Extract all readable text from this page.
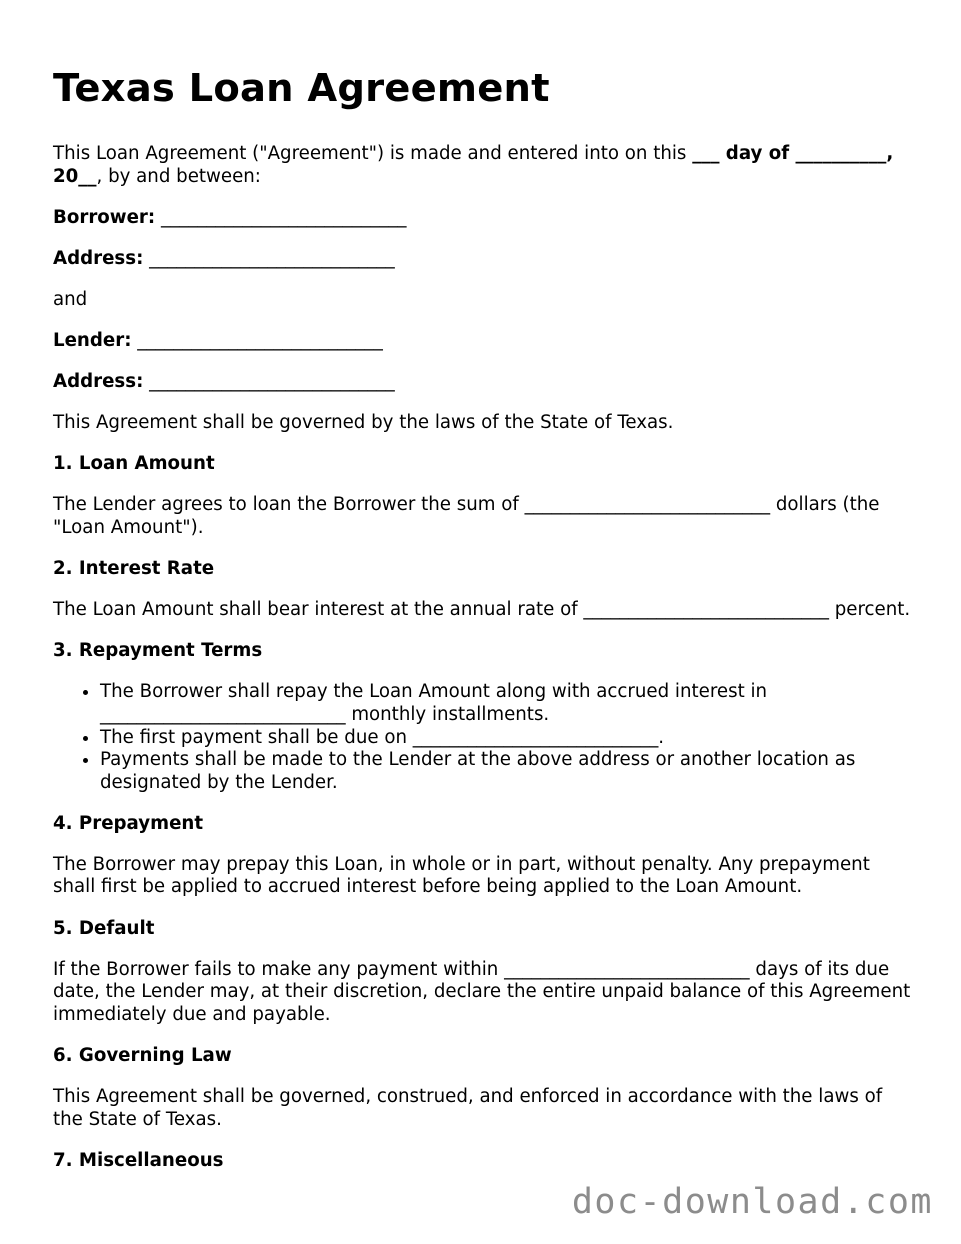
Texas Loan Agreement

This Loan Agreement ("Agreement") is made and entered into on this ___ day of __________, 20__, by and between:

Borrower: ___________________________

Address: ___________________________

and

Lender: ___________________________

Address: ___________________________

This Agreement shall be governed by the laws of the State of Texas.

1. Loan Amount

The Lender agrees to loan the Borrower the sum of ___________________________ dollars (the "Loan Amount").

2. Interest Rate

The Loan Amount shall bear interest at the annual rate of ___________________________ percent.

3. Repayment Terms
• The Borrower shall repay the Loan Amount along with accrued interest in ___________________________ monthly installments.
• The first payment shall be due on ___________________________.
• Payments shall be made to the Lender at the above address or another location as designated by the Lender.
4. Prepayment

The Borrower may prepay this Loan, in whole or in part, without penalty. Any prepayment shall first be applied to accrued interest before being applied to the Loan Amount.

5. Default

If the Borrower fails to make any payment within ___________________________ days of its due date, the Lender may, at their discretion, declare the entire unpaid balance of this Agreement immediately due and payable.

6. Governing Law

This Agreement shall be governed, construed, and enforced in accordance with the laws of the State of Texas.

7. Miscellaneous
doc-download.com
